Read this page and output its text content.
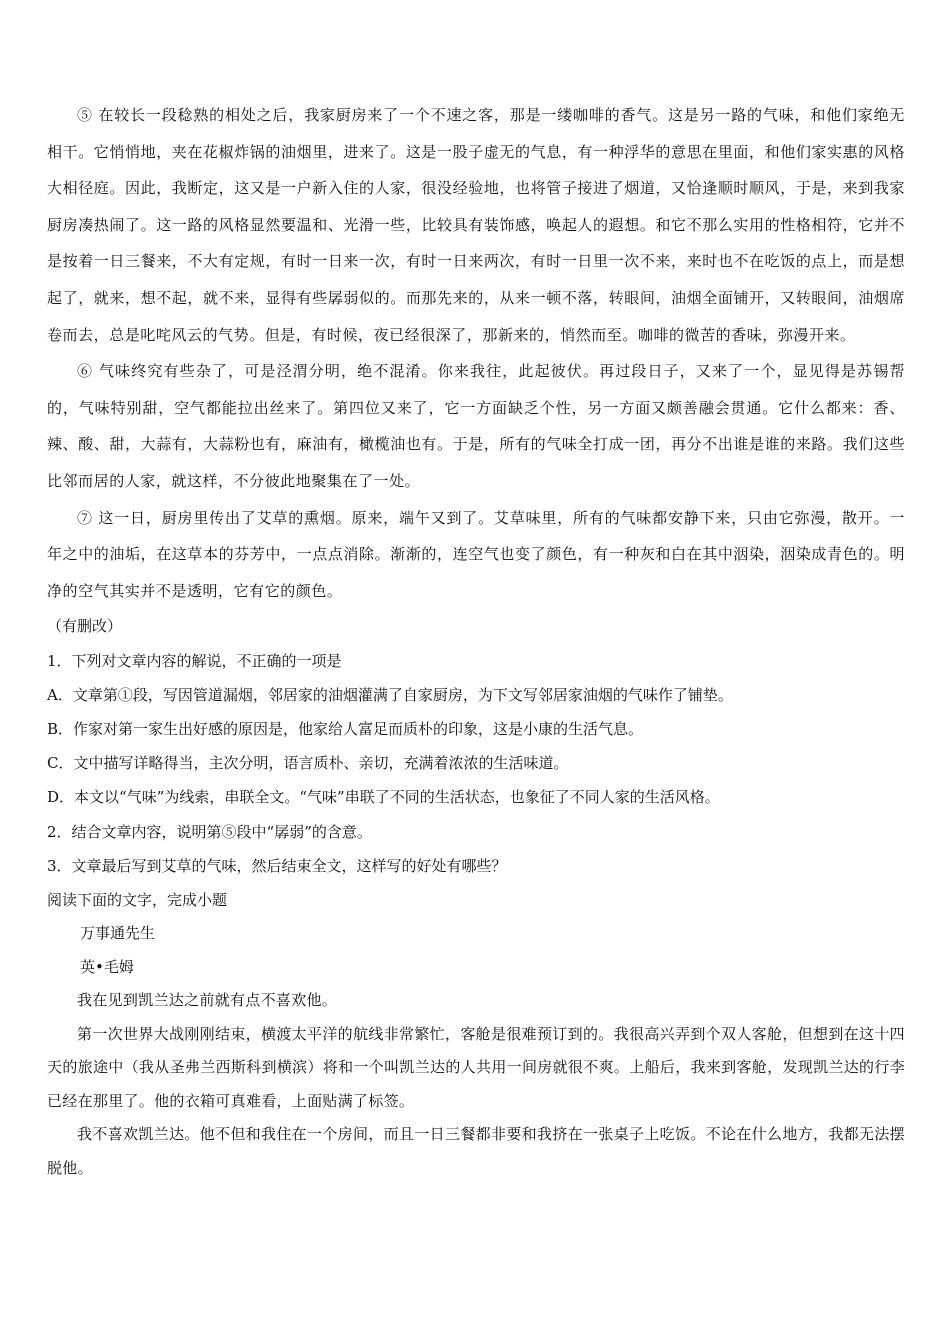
⑤ 在较长一段稔熟的相处之后，我家厨房来了一个不速之客，那是一缕咖啡的香气。这是另一路的气味，和他们家绝无相干。它悄悄地，夹在花椒炸锅的油烟里，进来了。这是一股子虚无的气息，有一种浮华的意思在里面，和他们家实惠的风格大相径庭。因此，我断定，这又是一户新入住的人家，很没经验地，也将管子接进了烟道，又恰逢顺时顺风，于是，来到我家厨房凑热闹了。这一路的风格显然要温和、光滑一些，比较具有装饰感，唤起人的遐想。和它不那么实用的性格相符，它并不是按着一日三餐来，不大有定规，有时一日来一次，有时一日来两次，有时一日里一次不来，来时也不在吃饭的点上，而是想起了，就来，想不起，就不来，显得有些孱弱似的。而那先来的，从来一顿不落，转眼间，油烟全面铺开，又转眼间，油烟席卷而去，总是叱咤风云的气势。但是，有时候，夜已经很深了，那新来的，悄然而至。咖啡的微苦的香味，弥漫开来。

⑥ 气味终究有些杂了，可是泾渭分明，绝不混淆。你来我往，此起彼伏。再过段日子，又来了一个，显见得是苏锡帮的，气味特别甜，空气都能拉出丝来了。第四位又来了，它一方面缺乏个性，另一方面又颇善融会贯通。它什么都来：香、辣、酸、甜，大蒜有，大蒜粉也有，麻油有，橄榄油也有。于是，所有的气味全打成一团，再分不出谁是谁的来路。我们这些比邻而居的人家，就这样，不分彼此地聚集在了一处。

⑦ 这一日，厨房里传出了艾草的熏烟。原来，端午又到了。艾草味里，所有的气味都安静下来，只由它弥漫，散开。一年之中的油垢，在这草本的芬芳中，一点点消除。渐渐的，连空气也变了颜色，有一种灰和白在其中洇染，洇染成青色的。明净的空气其实并不是透明，它有它的颜色。

（有删改）

1．下列对文章内容的解说，不正确的一项是

A．文章第①段，写因管道漏烟，邻居家的油烟灌满了自家厨房，为下文写邻居家油烟的气味作了铺垫。

B．作家对第一家生出好感的原因是，他家给人富足而质朴的印象，这是小康的生活气息。

C．文中描写详略得当，主次分明，语言质朴、亲切，充满着浓浓的生活味道。

D．本文以“气味”为线索，串联全文。“气味”串联了不同的生活状态，也象征了不同人家的生活风格。

2．结合文章内容，说明第⑤段中“孱弱”的含意。

3．文章最后写到艾草的气味，然后结束全文，这样写的好处有哪些？

阅读下面的文字，完成小题

万事通先生

英•毛姆

我在见到凯兰达之前就有点不喜欢他。

第一次世界大战刚刚结束，横渡太平洋的航线非常繁忙，客舱是很难预订到的。我很高兴弄到个双人客舱，但想到在这十四天的旅途中（我从圣弗兰西斯科到横滨）将和一个叫凯兰达的人共用一间房就很不爽。上船后，我来到客舱，发现凯兰达的行李已经在那里了。他的衣箱可真难看，上面贴满了标签。

我不喜欢凯兰达。他不但和我住在一个房间，而且一日三餐都非要和我挤在一张桌子上吃饭。不论在什么地方，我都无法摆脱他。
